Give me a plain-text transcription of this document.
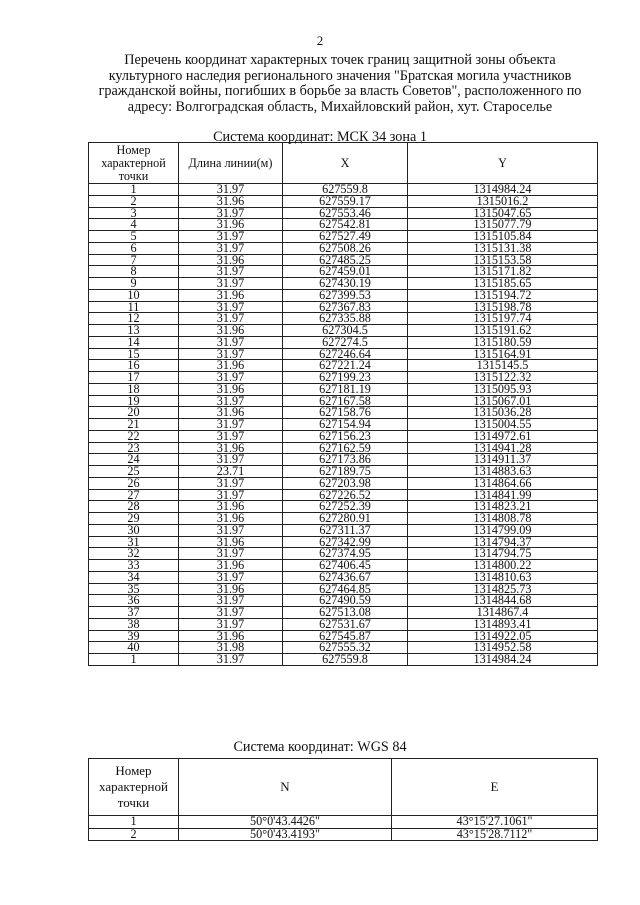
2
Перечень координат характерных точек границ защитной зоны объекта культурного наследия регионального значения "Братская могила участников гражданской войны, погибших в борьбе за власть Советов", расположенного по адресу: Волгоградская область, Михайловский район, хут. Староселье
Система координат: МСК 34 зона 1
Номер характерной точки	Длина линии(м)	X	Y
1	31.97	627559.8	1314984.24
2	31.96	627559.17	1315016.2
3	31.97	627553.46	1315047.65
4	31.96	627542.81	1315077.79
5	31.97	627527.49	1315105.84
6	31.97	627508.26	1315131.38
7	31.96	627485.25	1315153.58
8	31.97	627459.01	1315171.82
9	31.97	627430.19	1315185.65
10	31.96	627399.53	1315194.72
11	31.97	627367.83	1315198.78
12	31.97	627335.88	1315197.74
13	31.96	627304.5	1315191.62
14	31.97	627274.5	1315180.59
15	31.97	627246.64	1315164.91
16	31.96	627221.24	1315145.5
17	31.97	627199.23	1315122.32
18	31.96	627181.19	1315095.93
19	31.97	627167.58	1315067.01
20	31.96	627158.76	1315036.28
21	31.97	627154.94	1315004.55
22	31.97	627156.23	1314972.61
23	31.96	627162.59	1314941.28
24	31.97	627173.86	1314911.37
25	23.71	627189.75	1314883.63
26	31.97	627203.98	1314864.66
27	31.97	627226.52	1314841.99
28	31.96	627252.39	1314823.21
29	31.96	627280.91	1314808.78
30	31.97	627311.37	1314799.09
31	31.96	627342.99	1314794.37
32	31.97	627374.95	1314794.75
33	31.96	627406.45	1314800.22
34	31.97	627436.67	1314810.63
35	31.96	627464.85	1314825.73
36	31.97	627490.59	1314844.68
37	31.97	627513.08	1314867.4
38	31.97	627531.67	1314893.41
39	31.96	627545.87	1314922.05
40	31.98	627555.32	1314952.58
1	31.97	627559.8	1314984.24
Система координат: WGS 84
Номер характерной точки	N	E
1	50°0'43.4426"	43°15'27.1061"
2	50°0'43.4193"	43°15'28.7112"
